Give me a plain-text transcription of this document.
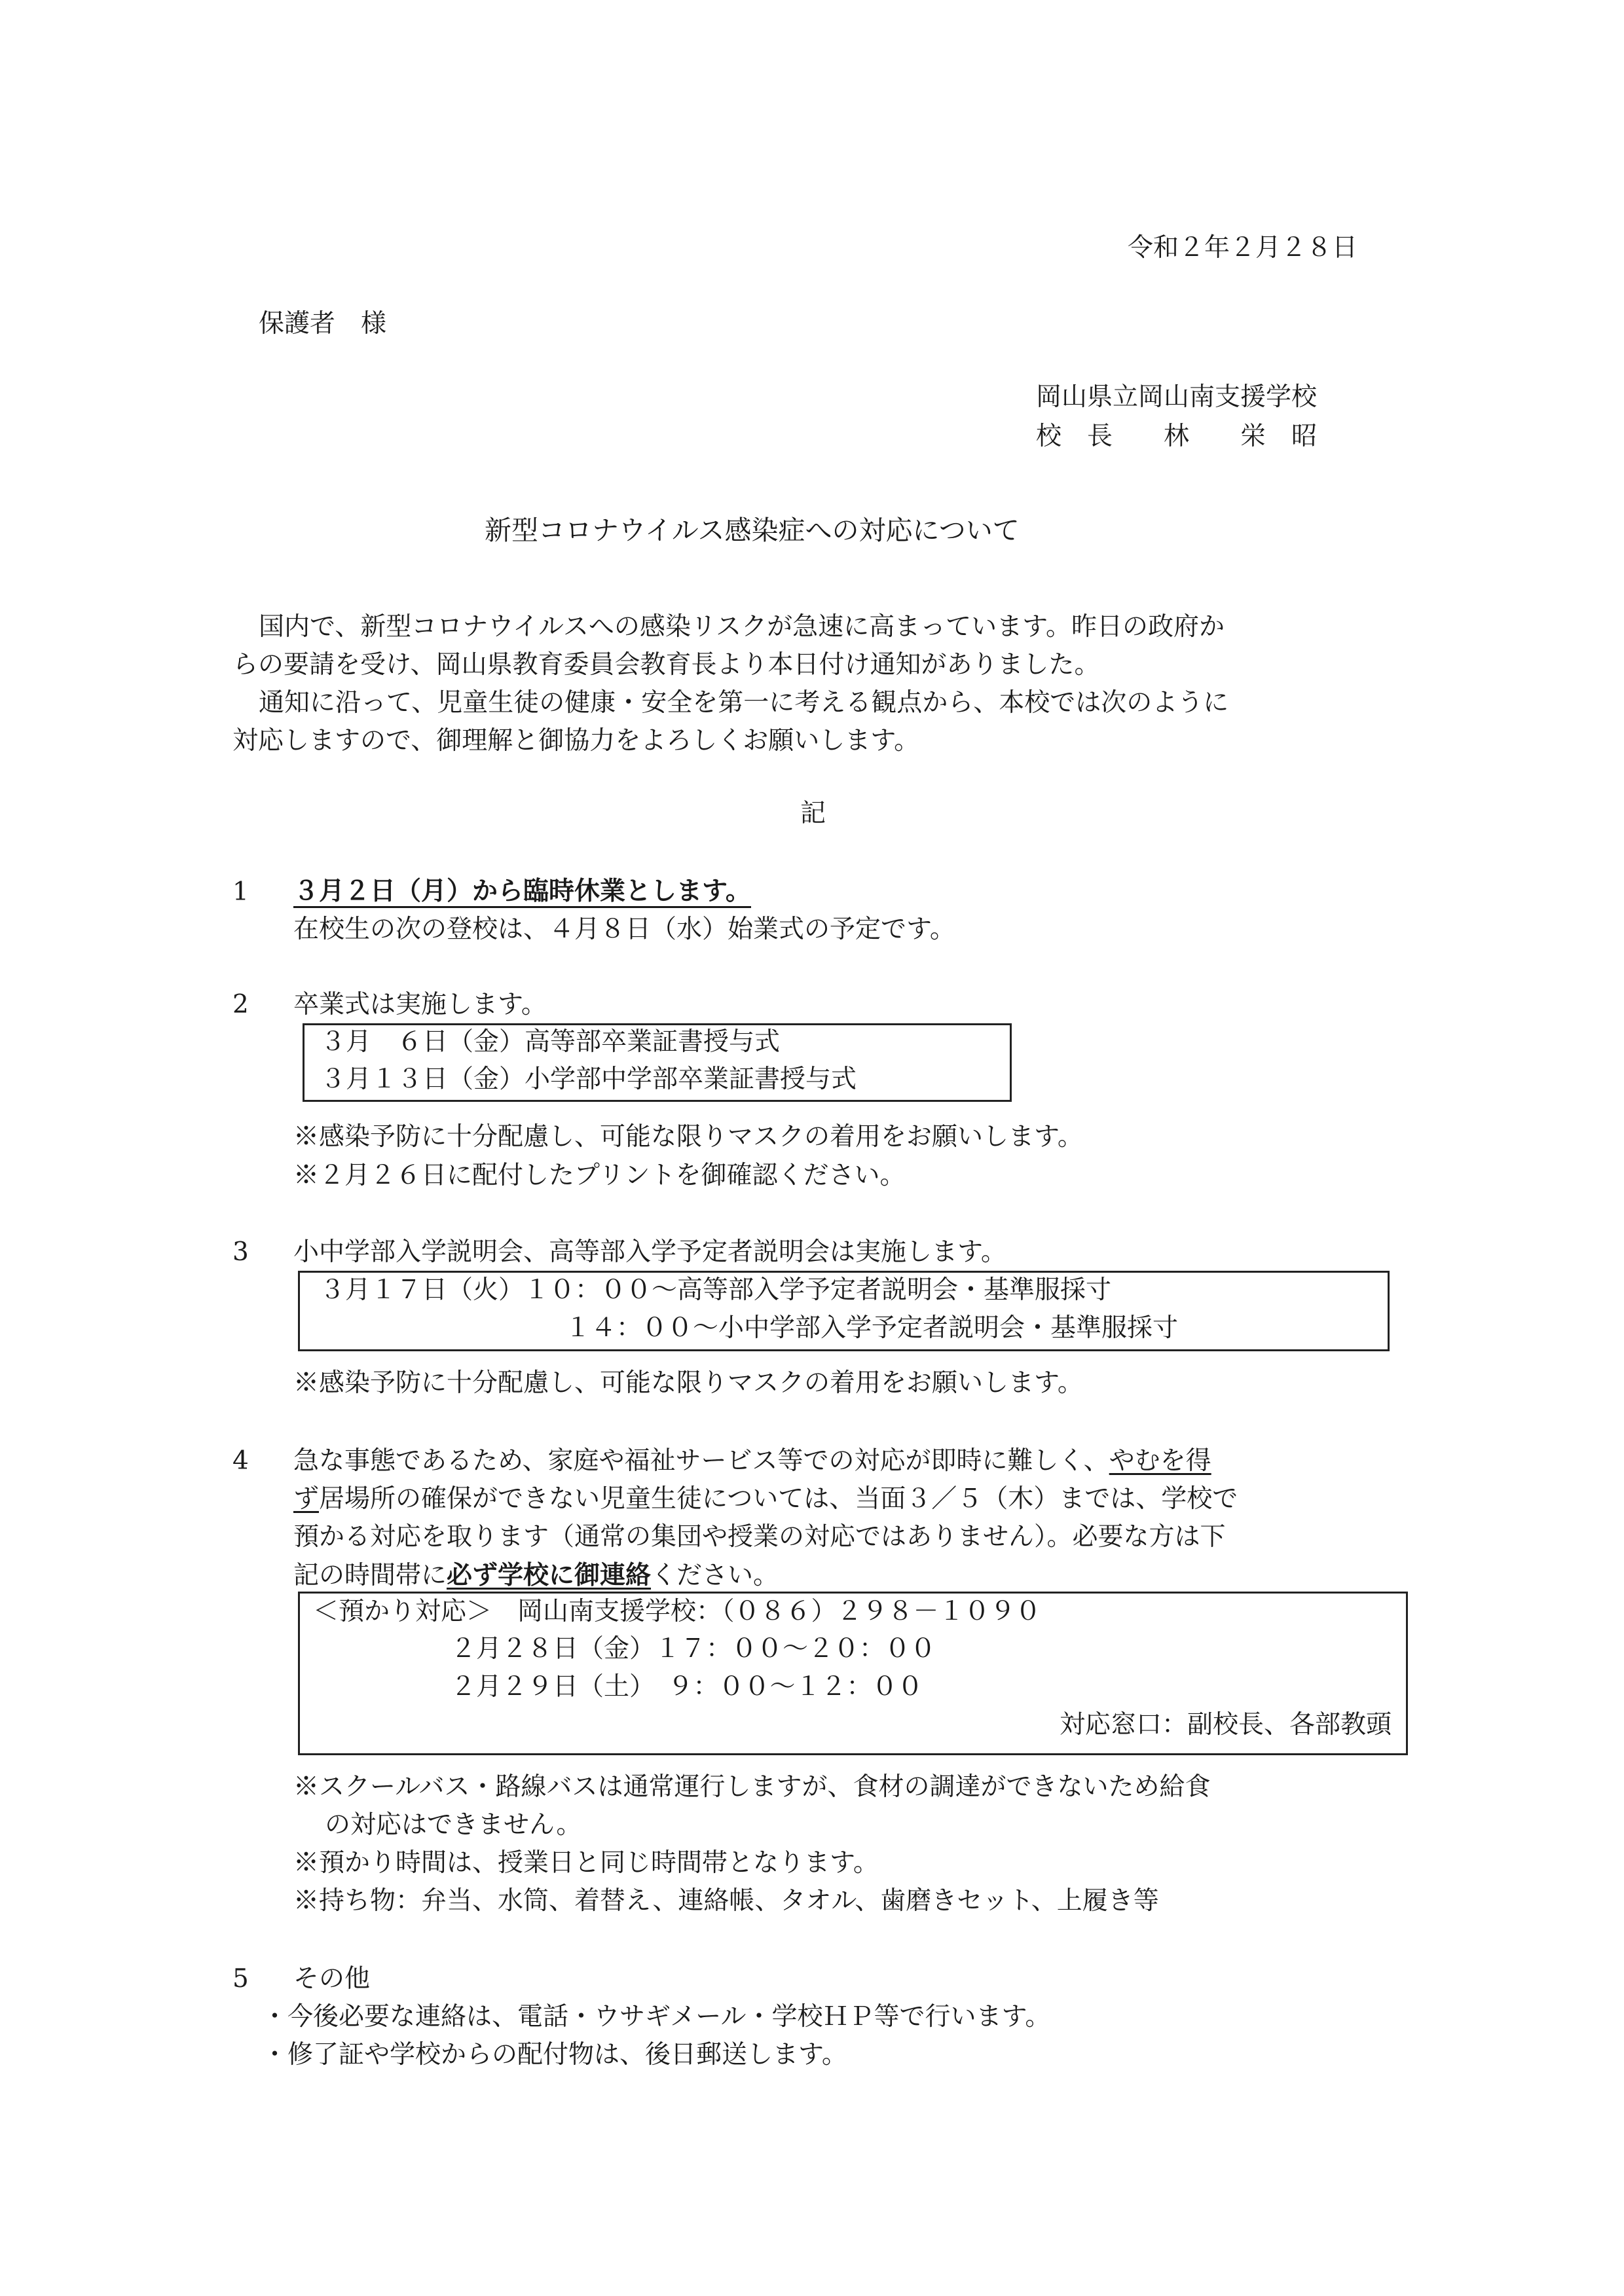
令和２年２月２８日

保護者　様

岡山県立岡山南支援学校

校　長　　林　　栄　昭

新型コロナウイルス感染症への対応について

国内で、新型コロナウイルスへの感染リスクが急速に高まっています。昨日の政府か

らの要請を受け、岡山県教育委員会教育長より本日付け通知がありました。

通知に沿って、児童生徒の健康・安全を第一に考える観点から、本校では次のように

対応しますので、御理解と御協力をよろしくお願いします。

記

1 ３月２日（月）から臨時休業とします。

在校生の次の登校は、４月８日（水）始業式の予定です。

2 卒業式は実施します。

３月　６日（金）高等部卒業証書授与式

３月１３日（金）小学部中学部卒業証書授与式

※感染予防に十分配慮し、可能な限りマスクの着用をお願いします。

※２月２６日に配付したプリントを御確認ください。

3 小中学部入学説明会、高等部入学予定者説明会は実施します。

３月１７日（火）１０：００～高等部入学予定者説明会・基準服採寸

１４：００～小中学部入学予定者説明会・基準服採寸

※感染予防に十分配慮し、可能な限りマスクの着用をお願いします。

4 急な事態であるため、家庭や福祉サービス等での対応が即時に難しく、やむを得

ず居場所の確保ができない児童生徒については、当面３／５（木）までは、学校で

預かる対応を取ります（通常の集団や授業の対応ではありません）。必要な方は下

記の時間帯に必ず学校に御連絡ください。

＜預かり対応＞　岡山南支援学校：（０８６）２９８－１０９０

２月２８日（金）１７：００～２０：００

２月２９日（土）　９：００～１２：００

対応窓口：副校長、各部教頭

※スクールバス・路線バスは通常運行しますが、食材の調達ができないため給食

の対応はできません。

※預かり時間は、授業日と同じ時間帯となります。

※持ち物：弁当、水筒、着替え、連絡帳、タオル、歯磨きセット、上履き等

5 その他

・今後必要な連絡は、電話・ウサギメール・学校ＨＰ等で行います。

・修了証や学校からの配付物は、後日郵送します。
